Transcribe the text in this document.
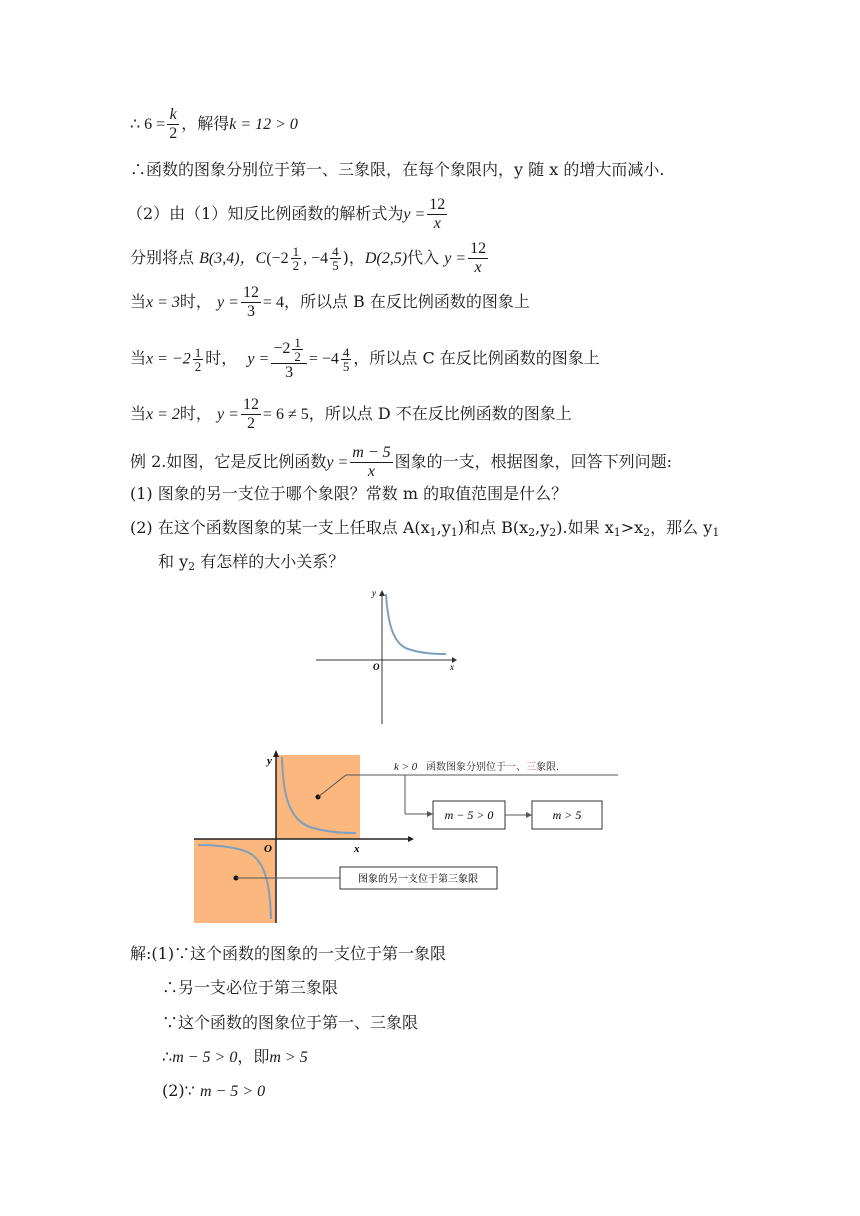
∴ $6 = \frac{k}{2}$ ，解得k = 12 > 0
∴函数的图象分别位于第一、三象限，在每个象限内，y 随 x 的增大而减小.
（2）由（1）知反比例函数的解析式为$y = \frac{12}{x}$
分别将点 B(3,4)，$C(-2 \frac{1}{2}$ , $-4 \frac{4}{5}$ )，D(2,5)代入 $y = \frac{12}{x}$
当x = 3时， $y = \frac{12}{3} = 4$，所以点 B 在反比例函数的图象上
当$x = -2 \frac{1}{2}$ 时， $y = \frac{-2 \frac{1}{2}}{3} = -4 \frac{4}{5}$ ，所以点 C 在反比例函数的图象上
当x = 2时， $y = \frac{12}{2} = 6 \ne 5$，所以点 D 不在反比例函数的图象上
例 2.如图，它是反比例函数$y = \frac{m - 5}{x}$ 图象的一支，根据图象，回答下列问题:
(1) 图象的另一支位于哪个象限？常数 m 的取值范围是什么？
(2) 在这个函数图象的某一支上任取点 $A(x_1,y_1)$和点 $B(x_2,y_2)$.如果 $x_1>x_2$，那么 $y_1$
和 $y_2$ 有怎样的大小关系？
y
x
O
y
x
O
k > 0 函数图象分别位于一、三象限.
m − 5 > 0	m > 5
图象的另一支位于第三象限
解:(1)∵这个函数的图象的一支位于第一象限
∴另一支必位于第三象限
∵这个函数的图象位于第一、三象限
∴m − 5 > 0，即m > 5
(2)∵ m − 5 > 0
